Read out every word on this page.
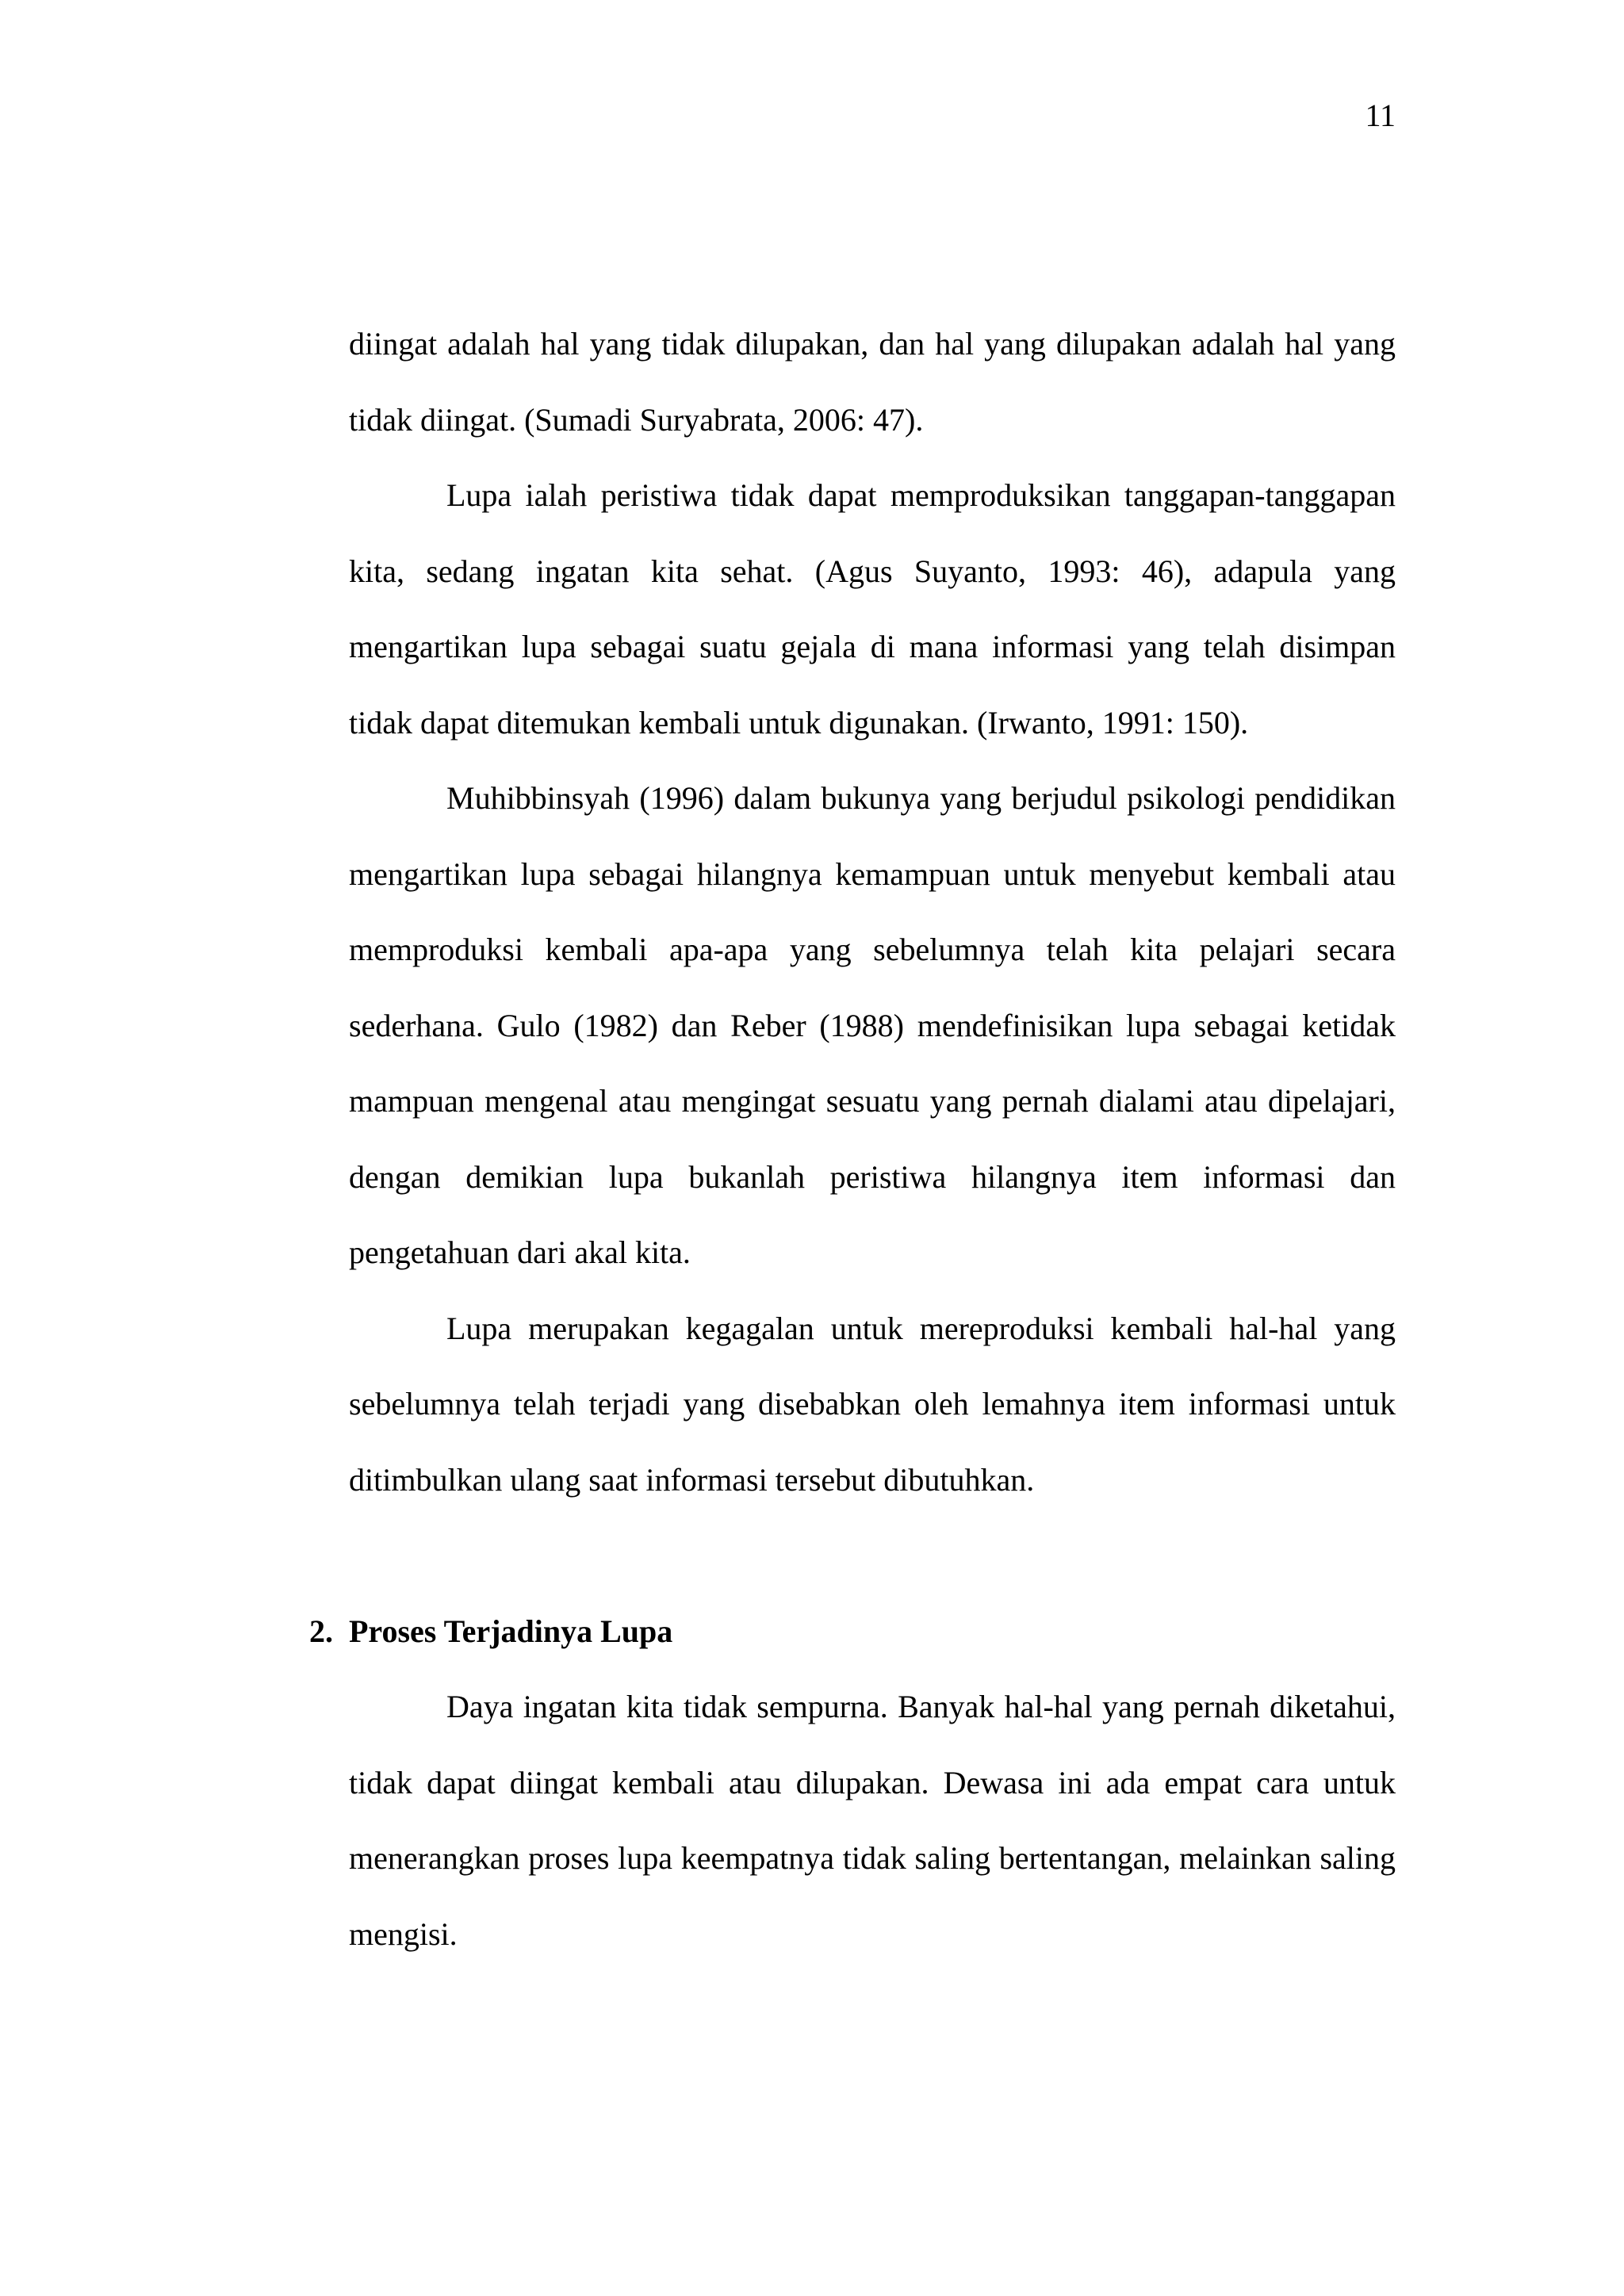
11

diingat adalah hal yang tidak dilupakan, dan hal yang dilupakan adalah hal yang tidak diingat. (Sumadi Suryabrata, 2006: 47).

Lupa ialah peristiwa tidak dapat memproduksikan tanggapan-tanggapan kita, sedang ingatan kita sehat. (Agus Suyanto, 1993: 46), adapula yang mengartikan lupa sebagai suatu gejala di mana informasi yang telah disimpan tidak dapat ditemukan kembali untuk digunakan. (Irwanto, 1991: 150).

Muhibbinsyah (1996) dalam bukunya yang berjudul psikologi pendidikan mengartikan lupa sebagai hilangnya kemampuan untuk menyebut kembali atau memproduksi kembali apa-apa yang sebelumnya telah kita pelajari secara sederhana. Gulo (1982) dan Reber (1988) mendefinisikan lupa sebagai ketidak mampuan mengenal atau mengingat sesuatu yang pernah dialami atau dipelajari, dengan demikian lupa bukanlah peristiwa hilangnya item informasi dan pengetahuan dari akal kita.

Lupa merupakan kegagalan untuk mereproduksi kembali hal-hal yang sebelumnya telah terjadi yang disebabkan oleh lemahnya item informasi untuk ditimbulkan ulang saat informasi tersebut dibutuhkan.

2. Proses Terjadinya Lupa

Daya ingatan kita tidak sempurna. Banyak hal-hal yang pernah diketahui, tidak dapat diingat kembali atau dilupakan. Dewasa ini ada empat cara untuk menerangkan proses lupa keempatnya tidak saling bertentangan, melainkan saling mengisi.
